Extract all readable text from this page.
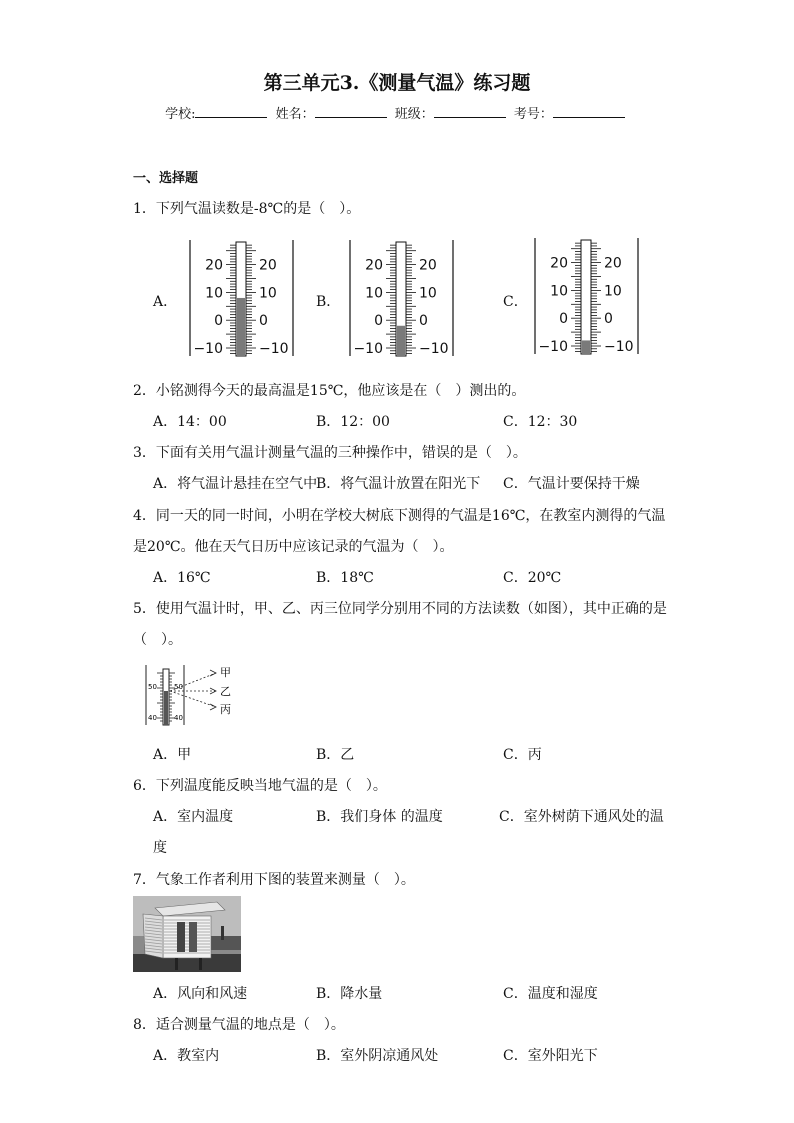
第三单元3.《测量气温》练习题
学校:	姓名：	班级：	考号：
一、选择题
1．下列气温读数是-8℃的是（　）。
A．	B．	C．
20	20
10	10
0	0
−10	−10
20	20
10	10
0	0
−10	−10
20	20
10	10
0	0
−10	−10
2．小铭测得今天的最高温是15℃，他应该是在（　）测出的。
A．14：00	B．12：00	C．12：30
3．下面有关用气温计测量气温的三种操作中，错误的是（　）。
A．将气温计悬挂在空气中
B．将气温计放置在阳光下 C．气温计要保持干燥
4．同一天的同一时间，小明在学校大树底下测得的气温是16℃，在教室内测得的气温
是20℃。他在天气日历中应该记录的气温为（　）。
A．16℃	B．18℃	C．20℃
5．使用气温计时，甲、乙、丙三位同学分别用不同的方法读数（如图），其中正确的是
（　）。
50 50
40 40
甲
乙
丙
A．甲	B．乙	C．丙
6．下列温度能反映当地气温的是（　）。
A．室内温度	B．我们身体 的温度	C．室外树荫下通风处的温
度
7．气象工作者利用下图的装置来测量（　）。
A．风向和风速	B．降水量	C．温度和湿度
8．适合测量气温的地点是（　）。
A．教室内	B．室外阴凉通风处	C．室外阳光下
